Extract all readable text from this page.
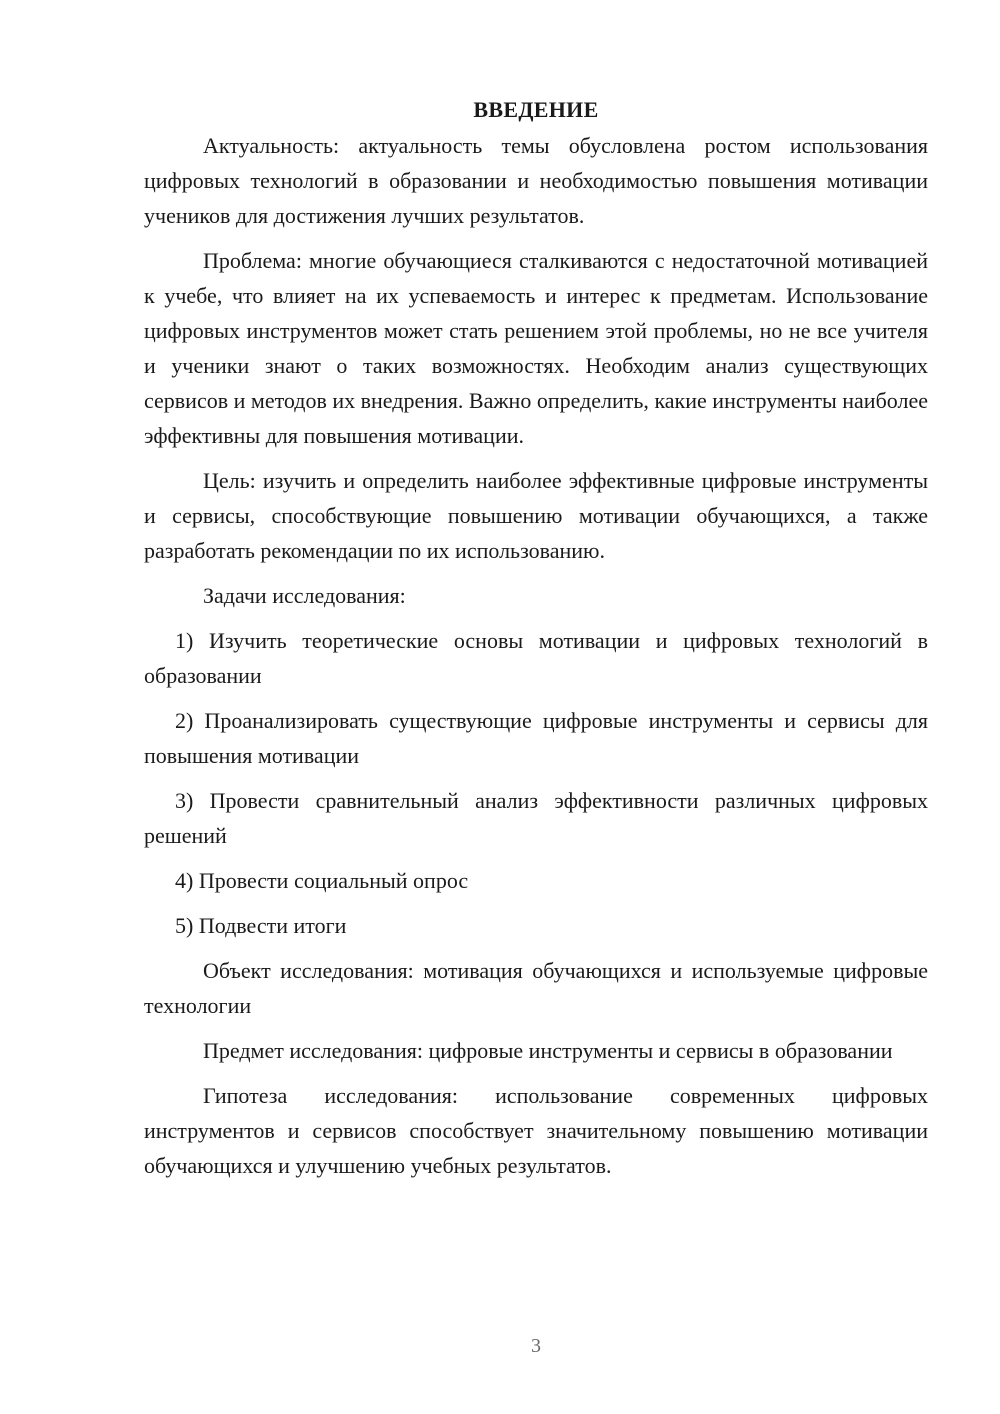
ВВЕДЕНИЕ

Актуальность: актуальность темы обусловлена ростом использования цифровых технологий в образовании и необходимостью повышения мотивации учеников для достижения лучших результатов.

Проблема: многие обучающиеся сталкиваются с недостаточной мотивацией к учебе, что влияет на их успеваемость и интерес к предметам. Использование цифровых инструментов может стать решением этой проблемы, но не все учителя и ученики знают о таких возможностях. Необходим анализ существующих сервисов и методов их внедрения. Важно определить, какие инструменты наиболее эффективны для повышения мотивации.

Цель: изучить и определить наиболее эффективные цифровые инструменты и сервисы, способствующие повышению мотивации обучающихся, а также разработать рекомендации по их использованию.

Задачи исследования:

1) Изучить теоретические основы мотивации и цифровых технологий в образовании

2) Проанализировать существующие цифровые инструменты и сервисы для повышения мотивации

3) Провести сравнительный анализ эффективности различных цифровых решений

4) Провести социальный опрос

5) Подвести итоги

Объект исследования: мотивация обучающихся и используемые цифровые технологии

Предмет исследования: цифровые инструменты и сервисы в образовании

Гипотеза исследования: использование современных цифровых инструментов и сервисов способствует значительному повышению мотивации обучающихся и улучшению учебных результатов.

3
